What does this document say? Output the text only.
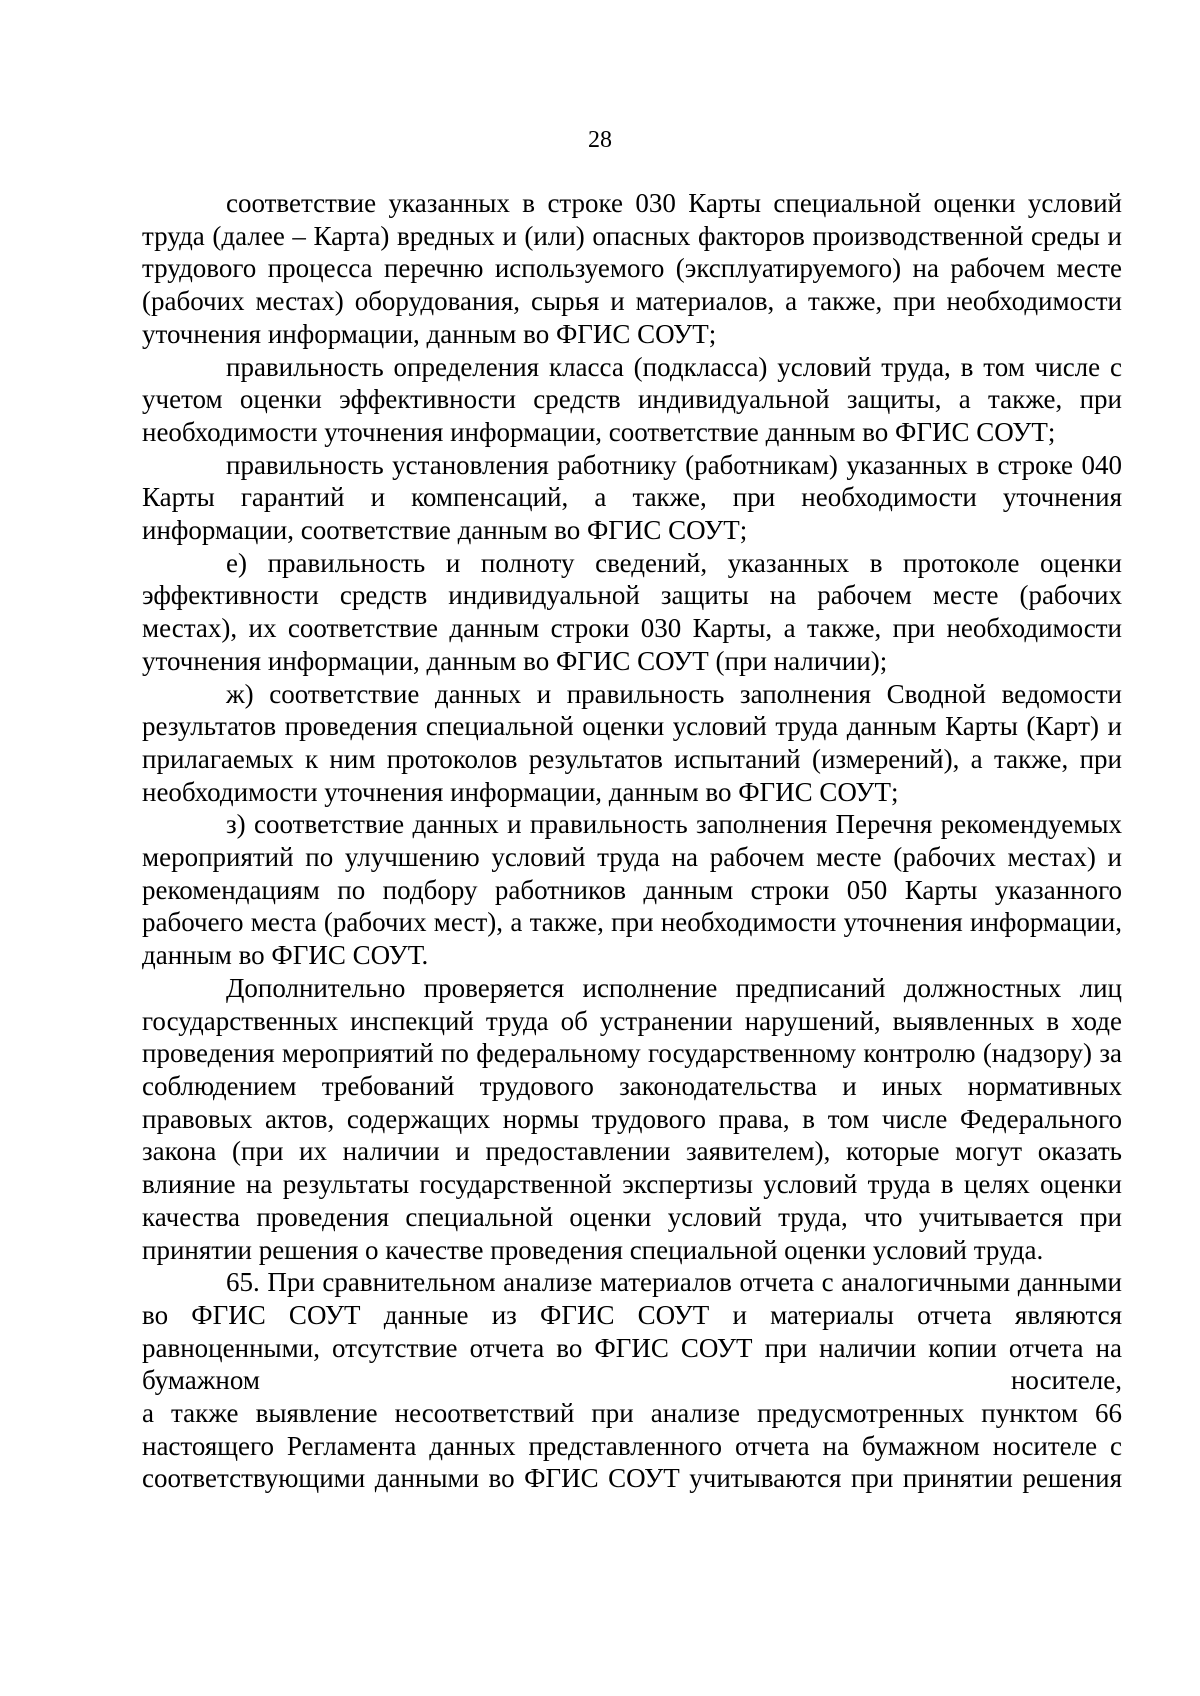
28

соответствие указанных в строке 030 Карты специальной оценки условий труда (далее – Карта) вредных и (или) опасных факторов производственной среды и трудового процесса перечню используемого (эксплуатируемого) на рабочем месте (рабочих местах) оборудования, сырья и материалов, а также, при необходимости уточнения информации, данным во ФГИС СОУТ;

правильность определения класса (подкласса) условий труда, в том числе с учетом оценки эффективности средств индивидуальной защиты, а также, при необходимости уточнения информации, соответствие данным во ФГИС СОУТ;

правильность установления работнику (работникам) указанных в строке 040 Карты гарантий и компенсаций, а также, при необходимости уточнения информации, соответствие данным во ФГИС СОУТ;

е) правильность и полноту сведений, указанных в протоколе оценки эффективности средств индивидуальной защиты на рабочем месте (рабочих местах), их соответствие данным строки 030 Карты, а также, при необходимости уточнения информации, данным во ФГИС СОУТ (при наличии);

ж) соответствие данных и правильность заполнения Сводной ведомости результатов проведения специальной оценки условий труда данным Карты (Карт) и прилагаемых к ним протоколов результатов испытаний (измерений), а также, при необходимости уточнения информации, данным во ФГИС СОУТ;

з) соответствие данных и правильность заполнения Перечня рекомендуемых мероприятий по улучшению условий труда на рабочем месте (рабочих местах) и рекомендациям по подбору работников данным строки 050 Карты указанного рабочего места (рабочих мест), а также, при необходимости уточнения информации, данным во ФГИС СОУТ.

Дополнительно проверяется исполнение предписаний должностных лиц государственных инспекций труда об устранении нарушений, выявленных в ходе проведения мероприятий по федеральному государственному контролю (надзору) за соблюдением требований трудового законодательства и иных нормативных правовых актов, содержащих нормы трудового права, в том числе Федерального закона (при их наличии и предоставлении заявителем), которые могут оказать влияние на результаты государственной экспертизы условий труда в целях оценки качества проведения специальной оценки условий труда, что учитывается при принятии решения о качестве проведения специальной оценки условий труда.

65. При сравнительном анализе материалов отчета с аналогичными данными во ФГИС СОУТ данные из ФГИС СОУТ и материалы отчета являются равноценными, отсутствие отчета во ФГИС СОУТ при наличии копии отчета на
бумажном	носителе,
а также выявление несоответствий при анализе предусмотренных пунктом 66 настоящего Регламента данных представленного отчета на бумажном носителе с соответствующими данными во ФГИС СОУТ учитываются при принятии решения
